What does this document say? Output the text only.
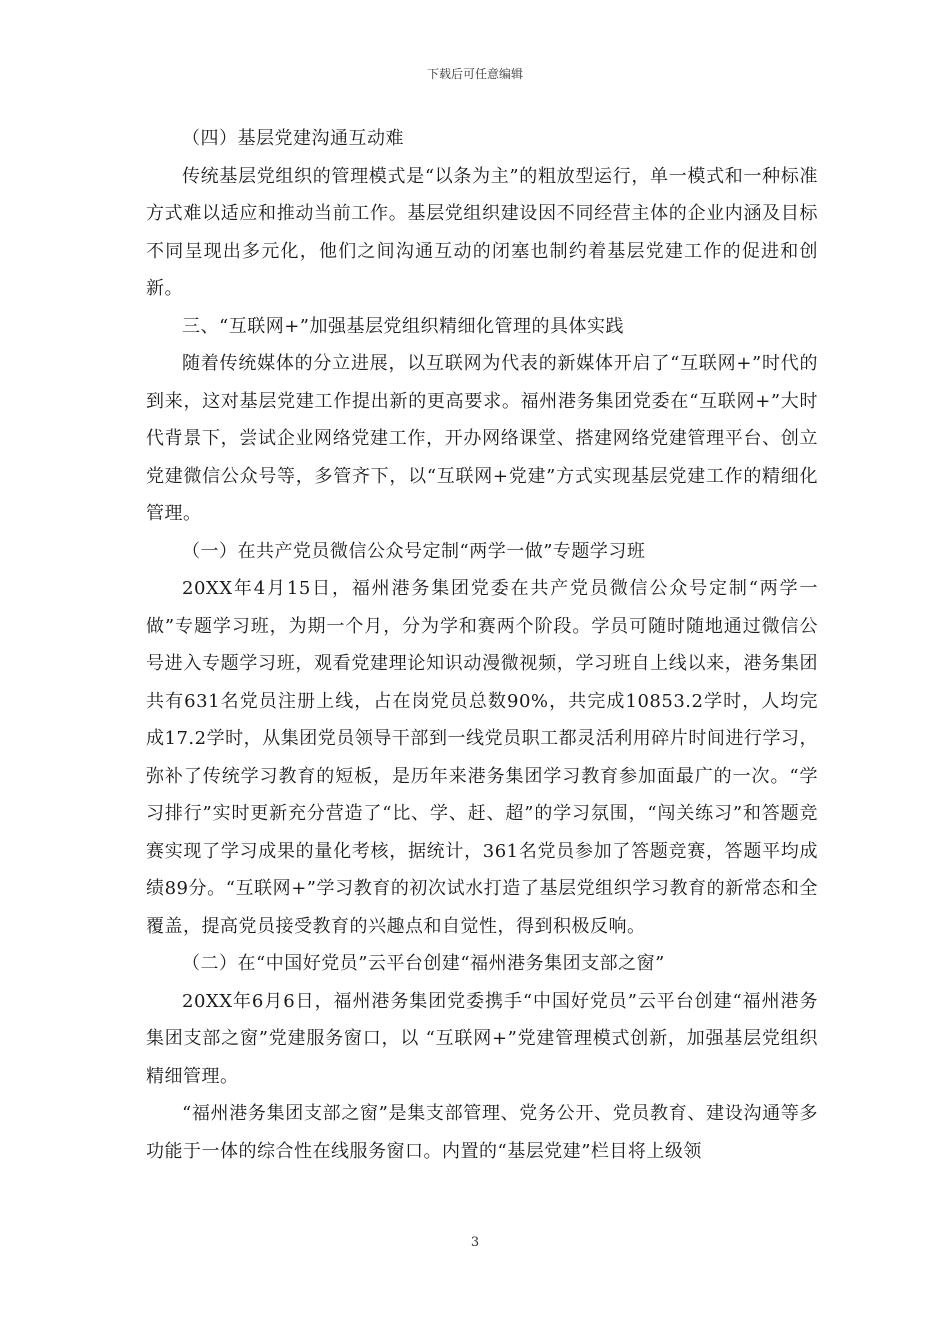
下载后可任意编辑

（四）基层党建沟通互动难

传统基层党组织的管理模式是“以条为主”的粗放型运行，单一模式和一种标准方式难以适应和推动当前工作。基层党组织建设因不同经营主体的企业内涵及目标不同呈现出多元化，他们之间沟通互动的闭塞也制约着基层党建工作的促进和创新。

三、“互联网+”加强基层党组织精细化管理的具体实践

随着传统媒体的分立进展，以互联网为代表的新媒体开启了“互联网+”时代的到来，这对基层党建工作提出新的更高要求。福州港务集团党委在“互联网+”大时代背景下，尝试企业网络党建工作，开办网络课堂、搭建网络党建管理平台、创立党建微信公众号等，多管齐下，以“互联网+党建”方式实现基层党建工作的精细化管理。

（一）在共产党员微信公众号定制“两学一做”专题学习班

20XX年4月15日，福州港务集团党委在共产党员微信公众号定制“两学一做”专题学习班，为期一个月，分为学和赛两个阶段。学员可随时随地通过微信公号进入专题学习班，观看党建理论知识动漫微视频，学习班自上线以来，港务集团共有631名党员注册上线，占在岗党员总数90%，共完成10853.2学时，人均完成17.2学时，从集团党员领导干部到一线党员职工都灵活利用碎片时间进行学习，弥补了传统学习教育的短板，是历年来港务集团学习教育参加面最广的一次。“学习排行”实时更新充分营造了“比、学、赶、超”的学习氛围，“闯关练习”和答题竞赛实现了学习成果的量化考核，据统计，361名党员参加了答题竞赛，答题平均成绩89分。“互联网+”学习教育的初次试水打造了基层党组织学习教育的新常态和全覆盖，提高党员接受教育的兴趣点和自觉性，得到积极反响。

（二）在“中国好党员”云平台创建“福州港务集团支部之窗”

20XX年6月6日，福州港务集团党委携手“中国好党员”云平台创建“福州港务集团支部之窗”党建服务窗口，以 “互联网+”党建管理模式创新，加强基层党组织精细管理。

“福州港务集团支部之窗”是集支部管理、党务公开、党员教育、建设沟通等多功能于一体的综合性在线服务窗口。内置的“基层党建”栏目将上级领

3
